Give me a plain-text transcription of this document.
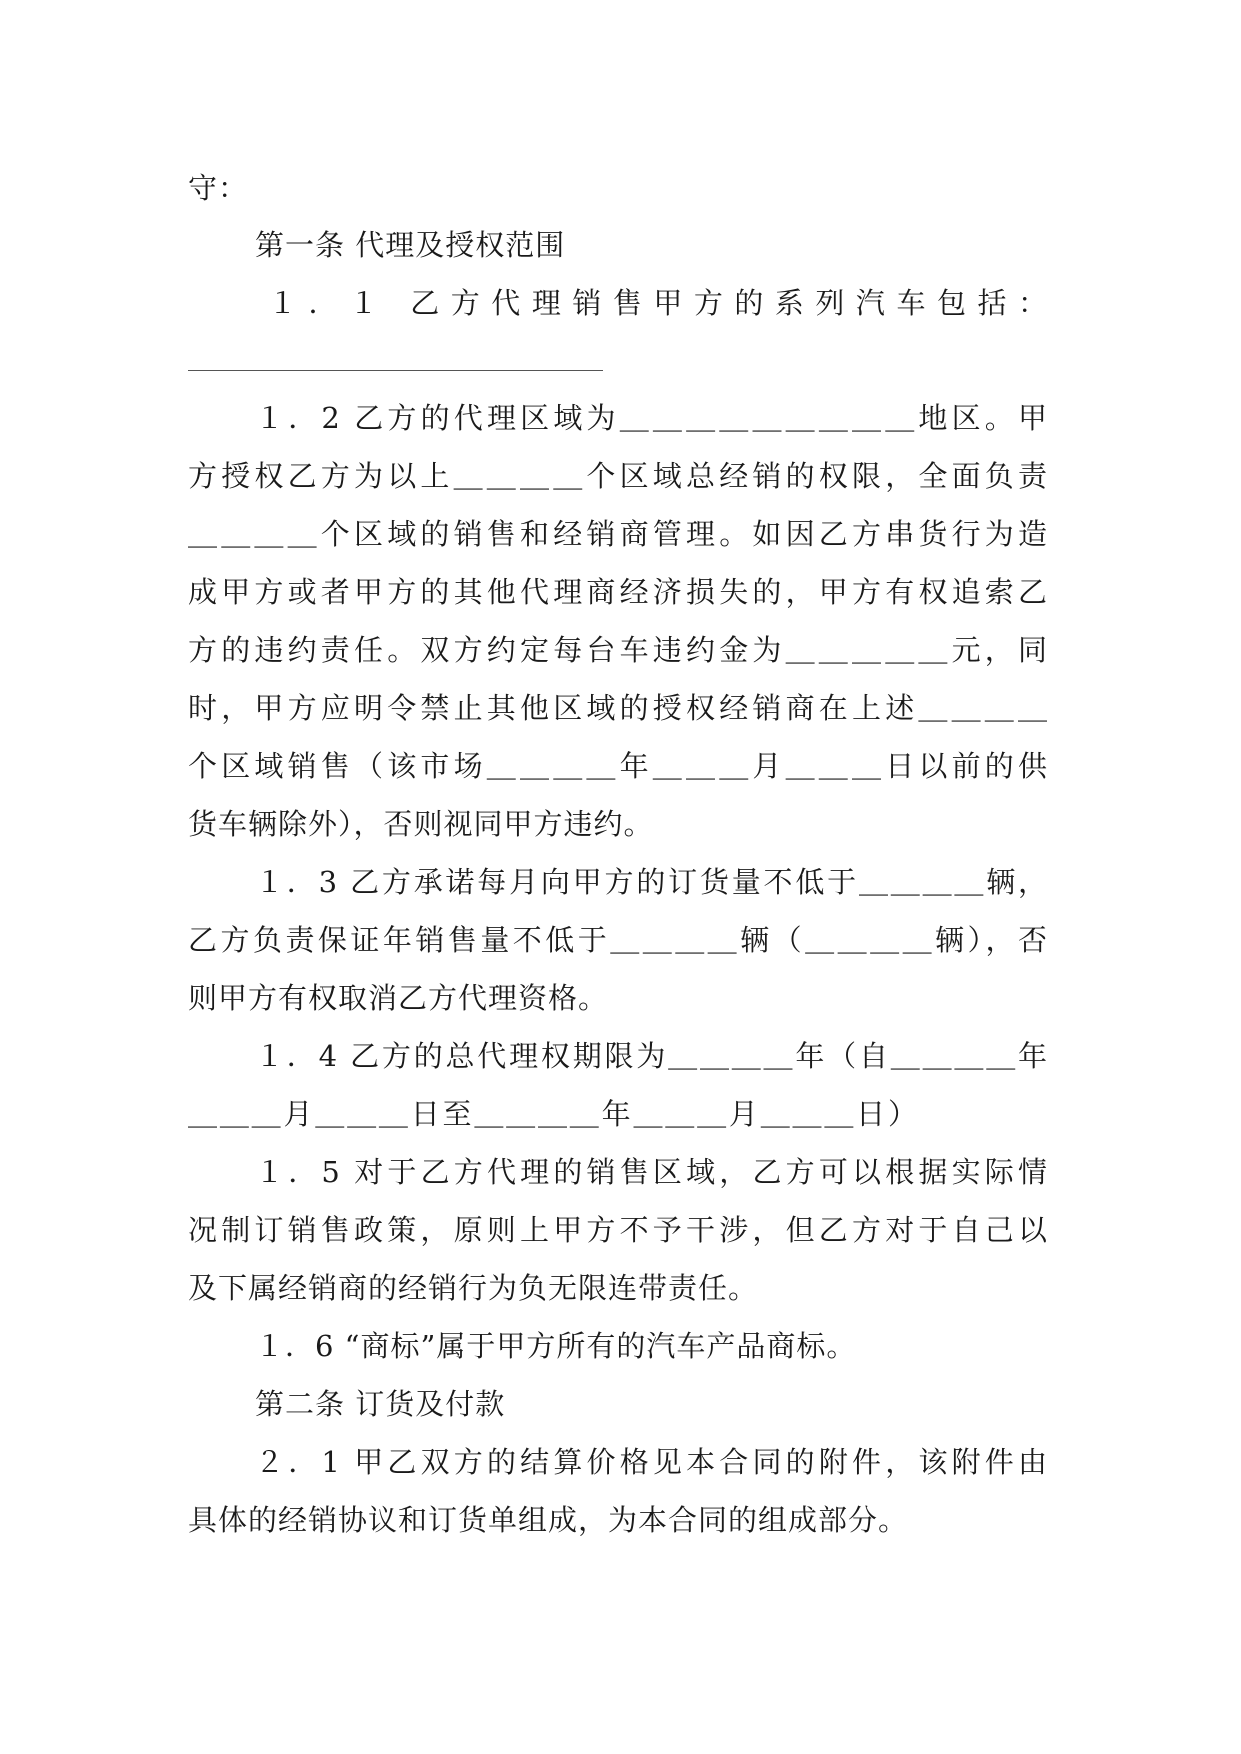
守：
第一条 代理及授权范围
１．１ 乙方代理销售甲方的系列汽车包括：
１．2 乙方的代理区域为＿＿＿＿＿＿＿＿＿地区。甲
方授权乙方为以上＿＿＿＿个区域总经销的权限，全面负责
＿＿＿＿个区域的销售和经销商管理。如因乙方串货行为造
成甲方或者甲方的其他代理商经济损失的，甲方有权追索乙
方的违约责任。双方约定每台车违约金为＿＿＿＿＿元，同
时，甲方应明令禁止其他区域的授权经销商在上述＿＿＿＿
个区域销售（该市场＿＿＿＿年＿＿＿月＿＿＿日以前的供
货车辆除外），否则视同甲方违约。
１．3 乙方承诺每月向甲方的订货量不低于＿＿＿＿辆，
乙方负责保证年销售量不低于＿＿＿＿辆（＿＿＿＿辆），否
则甲方有权取消乙方代理资格。
１．4 乙方的总代理权期限为＿＿＿＿年（自＿＿＿＿年
＿＿＿月＿＿＿日至＿＿＿＿年＿＿＿月＿＿＿日）
１．5 对于乙方代理的销售区域，乙方可以根据实际情
况制订销售政策，原则上甲方不予干涉，但乙方对于自己以
及下属经销商的经销行为负无限连带责任。
１．6 “商标”属于甲方所有的汽车产品商标。
第二条 订货及付款
２．1 甲乙双方的结算价格见本合同的附件，该附件由
具体的经销协议和订货单组成，为本合同的组成部分。
